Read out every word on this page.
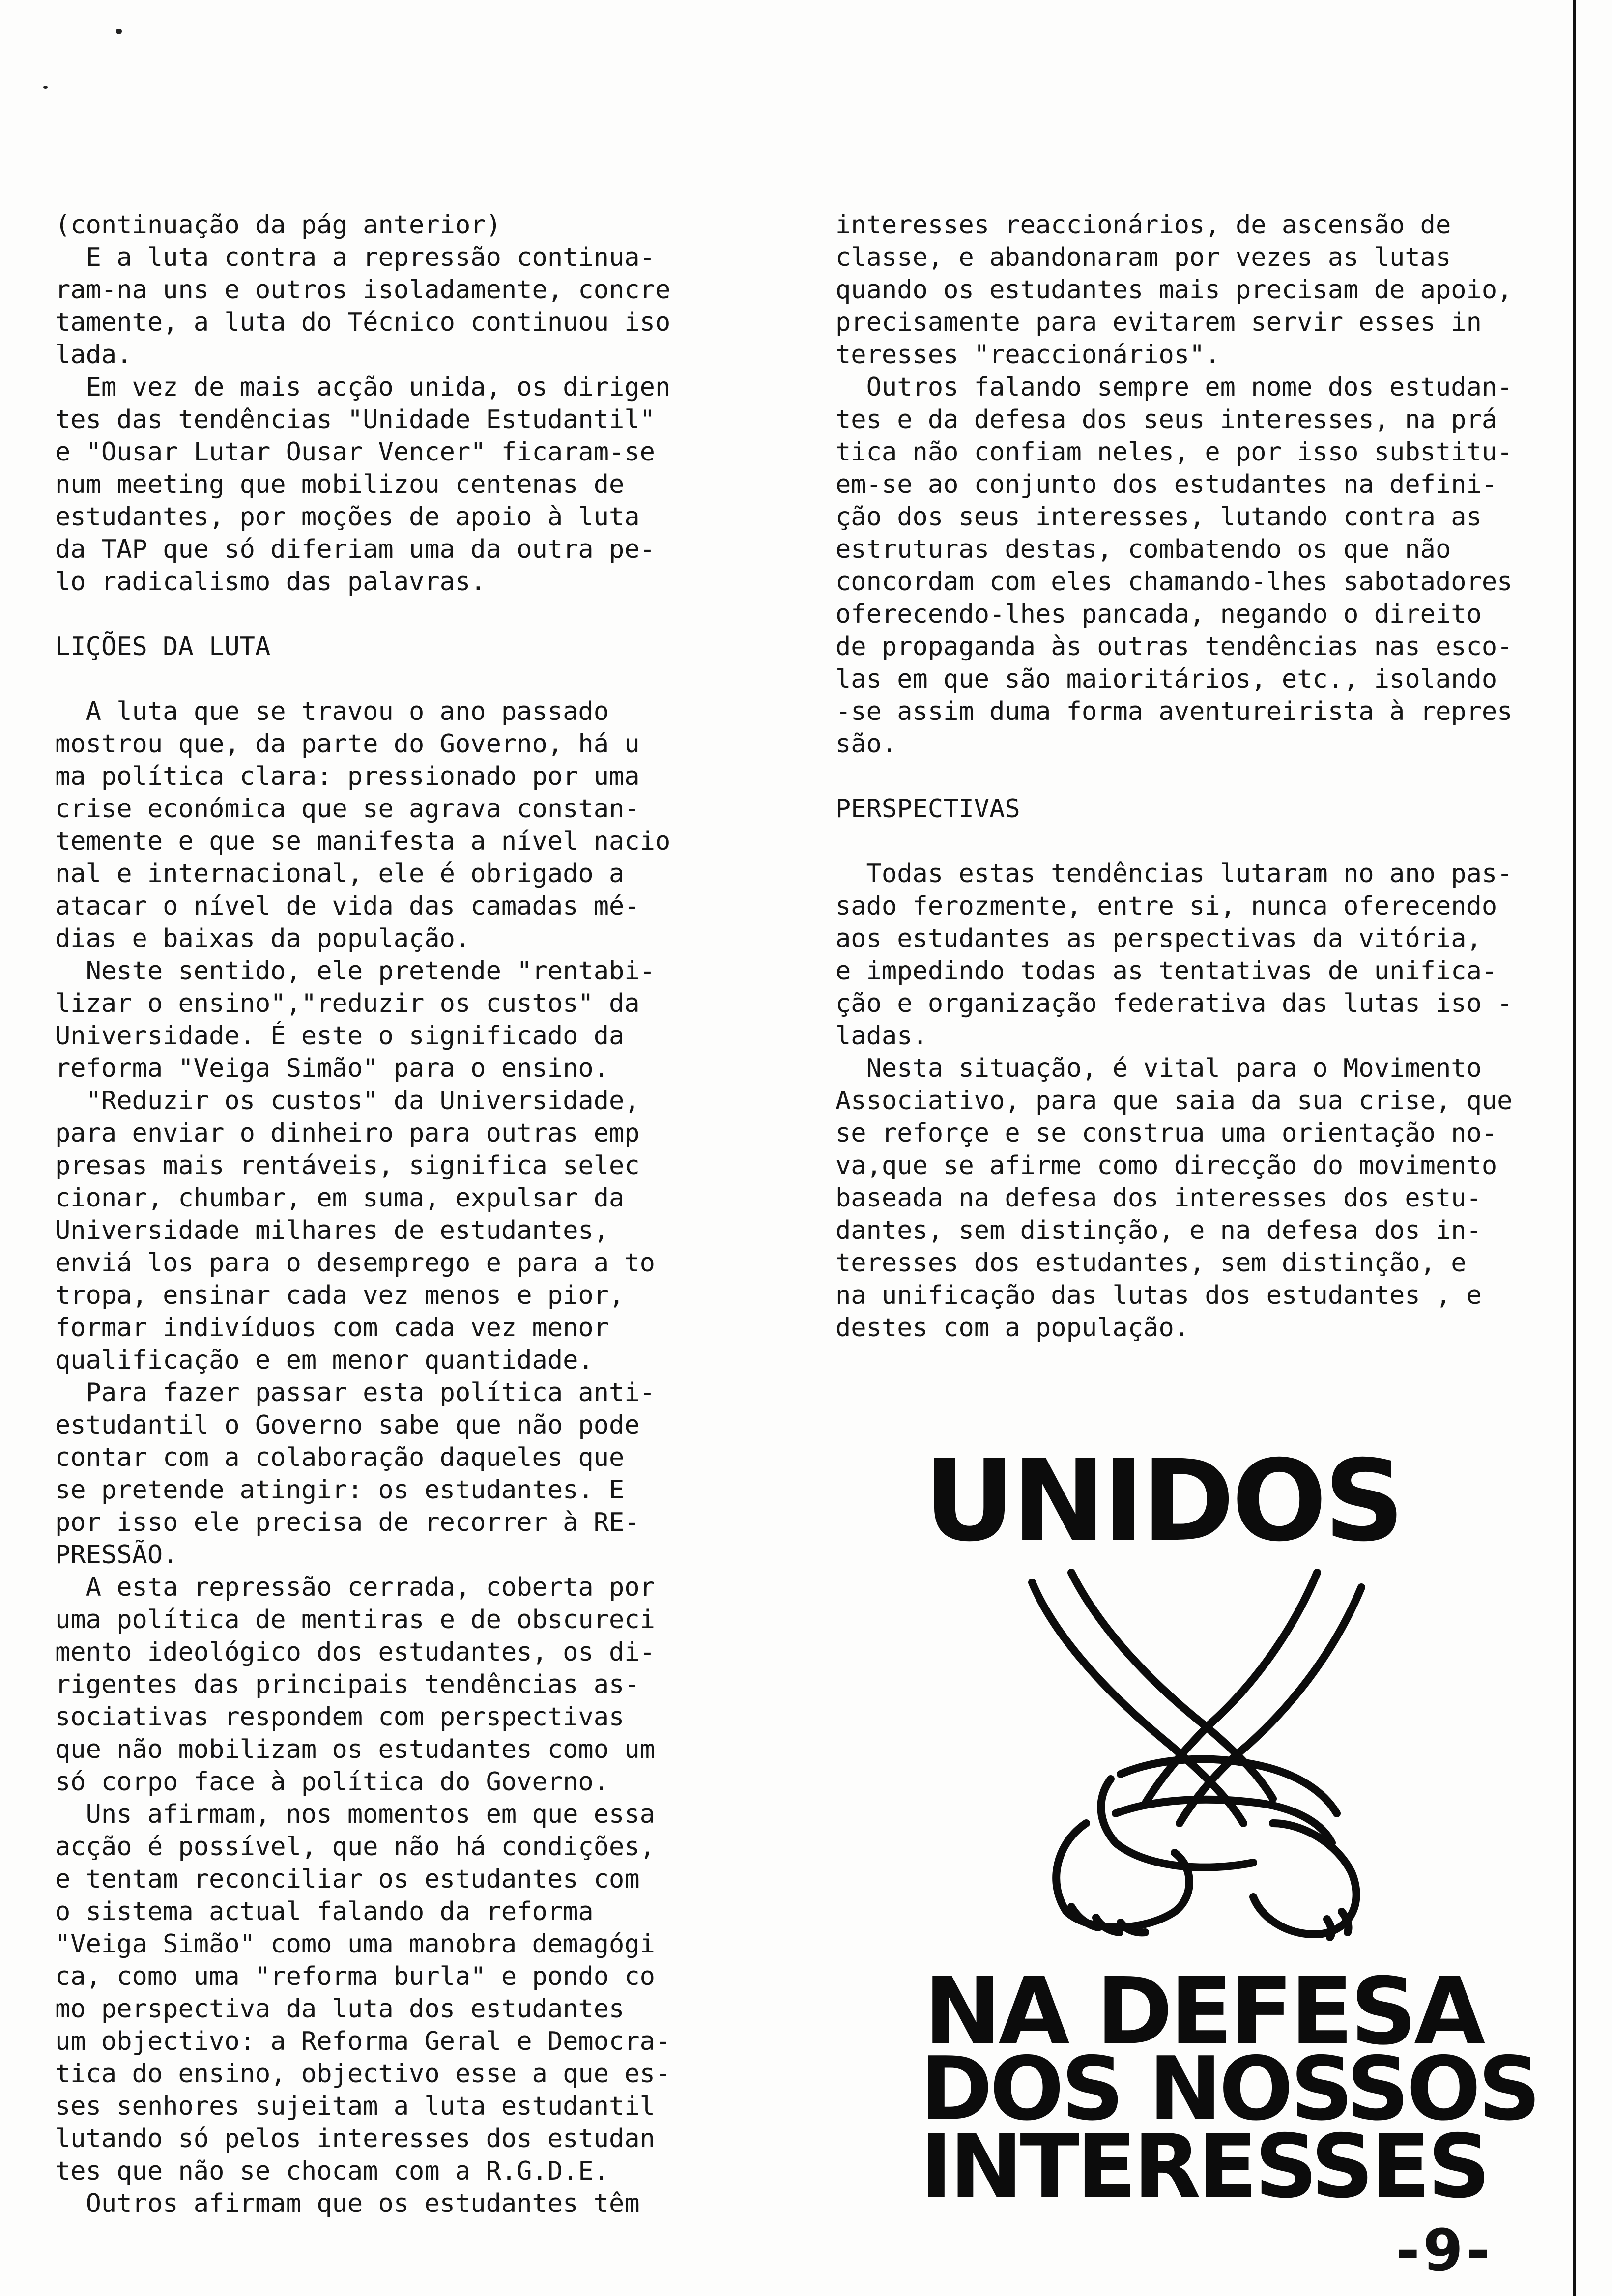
(continuação da pág anterior)
E a luta contra a repressão continua-
ram-na uns e outros isoladamente, concre
tamente, a luta do Técnico continuou iso
lada.
Em vez de mais acção unida, os dirigen
tes das tendências "Unidade Estudantil"
e "Ousar Lutar Ousar Vencer" ficaram-se
num meeting que mobilizou centenas de
estudantes, por moções de apoio à luta
da TAP que só diferiam uma da outra pe-
lo radicalismo das palavras.
LIÇÕES DA LUTA
A luta que se travou o ano passado
mostrou que, da parte do Governo, há u
ma política clara: pressionado por uma
crise económica que se agrava constan-
temente e que se manifesta a nível nacio
nal e internacional, ele é obrigado a
atacar o nível de vida das camadas mé-
dias e baixas da população.
Neste sentido, ele pretende "rentabi-
lizar o ensino","reduzir os custos" da
Universidade. É este o significado da
reforma "Veiga Simão" para o ensino.
"Reduzir os custos" da Universidade,
para enviar o dinheiro para outras emp
presas mais rentáveis, significa selec
cionar, chumbar, em suma, expulsar da
Universidade milhares de estudantes,
enviá los para o desemprego e para a to
tropa, ensinar cada vez menos e pior,
formar indivíduos com cada vez menor
qualificação e em menor quantidade.
Para fazer passar esta política anti-
estudantil o Governo sabe que não pode
contar com a colaboração daqueles que
se pretende atingir: os estudantes. E
por isso ele precisa de recorrer à RE-
PRESSÃO.
A esta repressão cerrada, coberta por
uma política de mentiras e de obscureci
mento ideológico dos estudantes, os di-
rigentes das principais tendências as-
sociativas respondem com perspectivas
que não mobilizam os estudantes como um
só corpo face à política do Governo.
Uns afirmam, nos momentos em que essa
acção é possível, que não há condições,
e tentam reconciliar os estudantes com
o sistema actual falando da reforma
"Veiga Simão" como uma manobra demagógi
ca, como uma "reforma burla" e pondo co
mo perspectiva da luta dos estudantes
um objectivo: a Reforma Geral e Democra-
tica do ensino, objectivo esse a que es-
ses senhores sujeitam a luta estudantil
lutando só pelos interesses dos estudan
tes que não se chocam com a R.G.D.E.
Outros afirmam que os estudantes têm
interesses reaccionários, de ascensão de
classe, e abandonaram por vezes as lutas
quando os estudantes mais precisam de apoio,
precisamente para evitarem servir esses in
teresses "reaccionários".
Outros falando sempre em nome dos estudan-
tes e da defesa dos seus interesses, na prá
tica não confiam neles, e por isso substitu-
em-se ao conjunto dos estudantes na defini-
ção dos seus interesses, lutando contra as
estruturas destas, combatendo os que não
concordam com eles chamando-lhes sabotadores
oferecendo-lhes pancada, negando o direito
de propaganda às outras tendências nas esco-
las em que são maioritários, etc., isolando
-se assim duma forma aventureirista à repres
são.
PERSPECTIVAS
Todas estas tendências lutaram no ano pas-
sado ferozmente, entre si, nunca oferecendo
aos estudantes as perspectivas da vitória,
e impedindo todas as tentativas de unifica-
ção e organização federativa das lutas iso -
ladas.
Nesta situação, é vital para o Movimento
Associativo, para que saia da sua crise, que
se reforçe e se construa uma orientação no-
va,que se afirme como direcção do movimento
baseada na defesa dos interesses dos estu-
dantes, sem distinção, e na defesa dos in-
teresses dos estudantes, sem distinção, e
na unificação das lutas dos estudantes , e
destes com a população.
UNIDOS
NA DEFESA
DOS NOSSOS
INTERESSES
-9-
